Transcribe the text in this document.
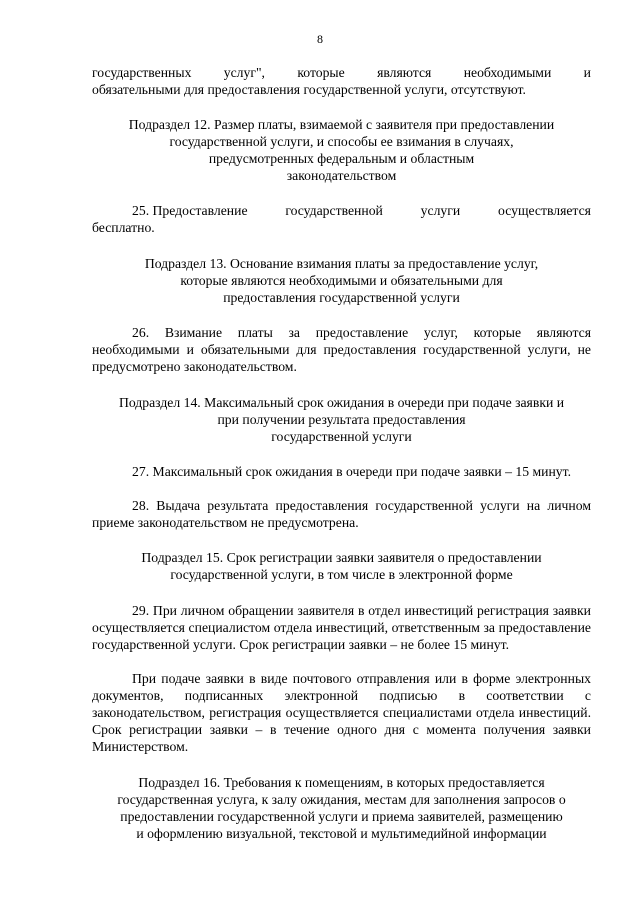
8
государственных услуг", которые являются необходимыми и
обязательными для предоставления государственной услуги, отсутствуют.
Подраздел 12. Размер платы, взимаемой с заявителя при предоставлении
государственной услуги, и способы ее взимания в случаях,
предусмотренных федеральным и областным
законодательством
25. Предоставление	государственной	услуги	осуществляется
бесплатно.
Подраздел 13. Основание взимания платы за предоставление услуг,
которые являются необходимыми и обязательными для
предоставления государственной услуги
26. Взимание платы за предоставление услуг, которые являются необходимыми и обязательными для предоставления государственной услуги, не предусмотрено законодательством.
Подраздел 14. Максимальный срок ожидания в очереди при подаче заявки и
при получении результата предоставления
государственной услуги
27. Максимальный срок ожидания в очереди при подаче заявки – 15 минут.
28. Выдача результата предоставления государственной услуги на личном приеме законодательством не предусмотрена.
Подраздел 15. Срок регистрации заявки заявителя о предоставлении
государственной услуги, в том числе в электронной форме
29. При личном обращении заявителя в отдел инвестиций регистрация заявки осуществляется специалистом отдела инвестиций, ответственным за предоставление государственной услуги. Срок регистрации заявки – не более 15 минут.
При подаче заявки в виде почтового отправления или в форме электронных документов, подписанных электронной подписью в соответствии с законодательством, регистрация осуществляется специалистами отдела инвестиций. Срок регистрации заявки – в течение одного дня с момента получения заявки Министерством.
Подраздел 16. Требования к помещениям, в которых предоставляется
государственная услуга, к залу ожидания, местам для заполнения запросов о
предоставлении государственной услуги и приема заявителей, размещению
и оформлению визуальной, текстовой и мультимедийной информации
